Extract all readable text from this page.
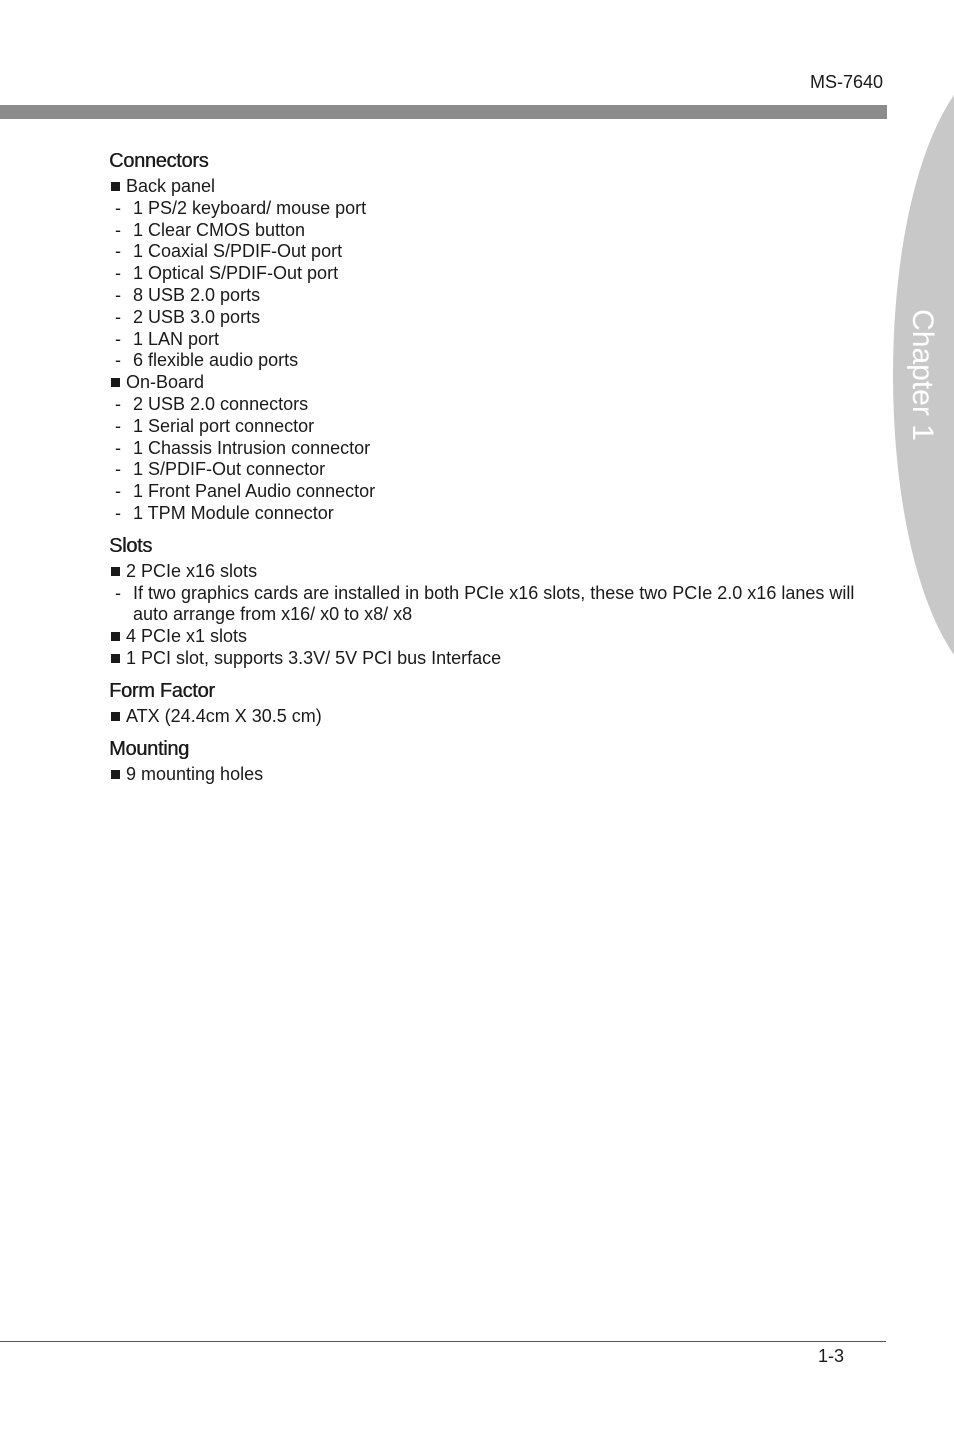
MS-7640
Chapter 1
Connectors
Back panel
- 1 PS/2 keyboard/ mouse port
- 1 Clear CMOS button
- 1 Coaxial S/PDIF-Out port
- 1 Optical S/PDIF-Out port
- 8 USB 2.0 ports
- 2 USB 3.0 ports
- 1 LAN port
- 6 flexible audio ports
On-Board
- 2 USB 2.0 connectors
- 1 Serial port connector
- 1 Chassis Intrusion connector
- 1 S/PDIF-Out connector
- 1 Front Panel Audio connector
- 1 TPM Module connector
Slots
2 PCIe x16 slots
- If two graphics cards are installed in both PCIe x16 slots, these two PCIe 2.0 x16 lanes will auto arrange from x16/ x0 to x8/ x8
4 PCIe x1 slots
1 PCI slot, supports 3.3V/ 5V PCI bus Interface
Form Factor
ATX (24.4cm X 30.5 cm)
Mounting
9 mounting holes
1-3
